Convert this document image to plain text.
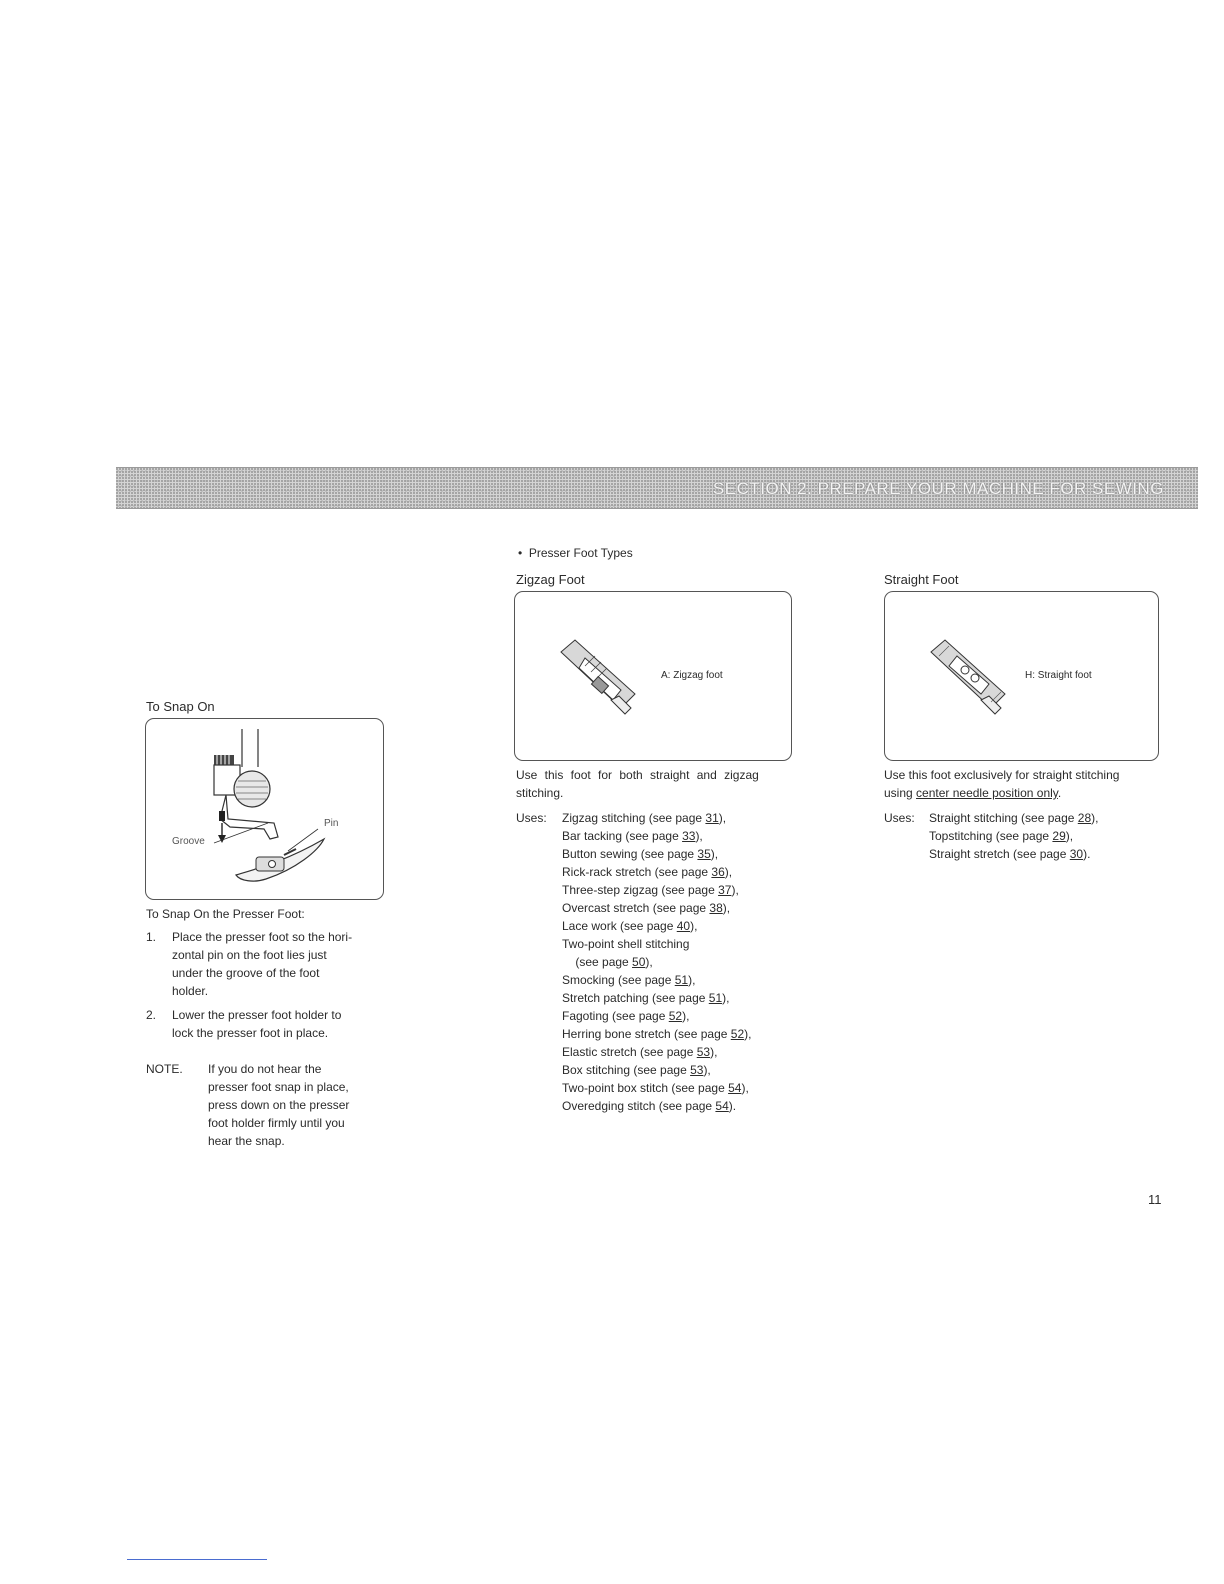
SECTION 2. PREPARE YOUR MACHINE FOR SEWING
To Snap On
Pin
Groove
To Snap On the Presser Foot:
1. Place the presser foot so the hori-
zontal pin on the foot lies just
under the groove of the foot
holder.
2. Lower the presser foot holder to
lock the presser foot in place.
NOTE. If you do not hear the
presser foot snap in place,
press down on the presser
foot holder firmly until you
hear the snap.
•  Presser Foot Types
Zigzag Foot
A: Zigzag foot
Use this foot for both straight and zigzag
stitching.
Uses: Zigzag stitching (see page 31),
Bar tacking (see page 33),
Button sewing (see page 35),
Rick-rack stretch (see page 36),
Three-step zigzag (see page 37),
Overcast stretch (see page 38),
Lace work (see page 40),
Two-point shell stitching
(see page 50),
Smocking (see page 51),
Stretch patching (see page 51),
Fagoting (see page 52),
Herring bone stretch (see page 52),
Elastic stretch (see page 53),
Box stitching (see page 53),
Two-point box stitch (see page 54),
Overedging stitch (see page 54).
Straight Foot
H: Straight foot
Use this foot exclusively for straight stitching
using center needle position only.
Uses: Straight stitching (see page 28),
Topstitching (see page 29),
Straight stretch (see page 30).
11
